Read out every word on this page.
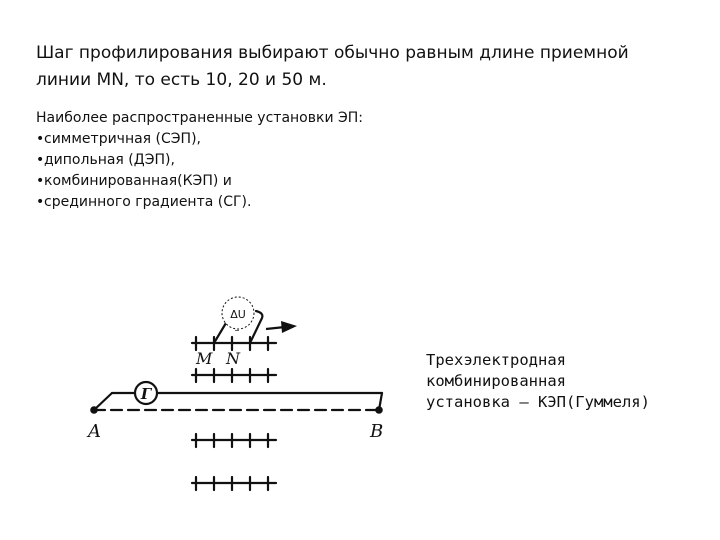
Шаг профилирования выбирают обычно равным длине приемной линии MN, то есть 10, 20 и 50 м.

Наиболее распространенные установки ЭП:

•симметричная (СЭП),
•дипольная (ДЭП),
•комбинированная(КЭП) и
•срединного градиента (СГ).
ΔU
–
Г
M N
A	B
Трехэлектродная
комбинированная
установка – КЭП(Гуммеля)
